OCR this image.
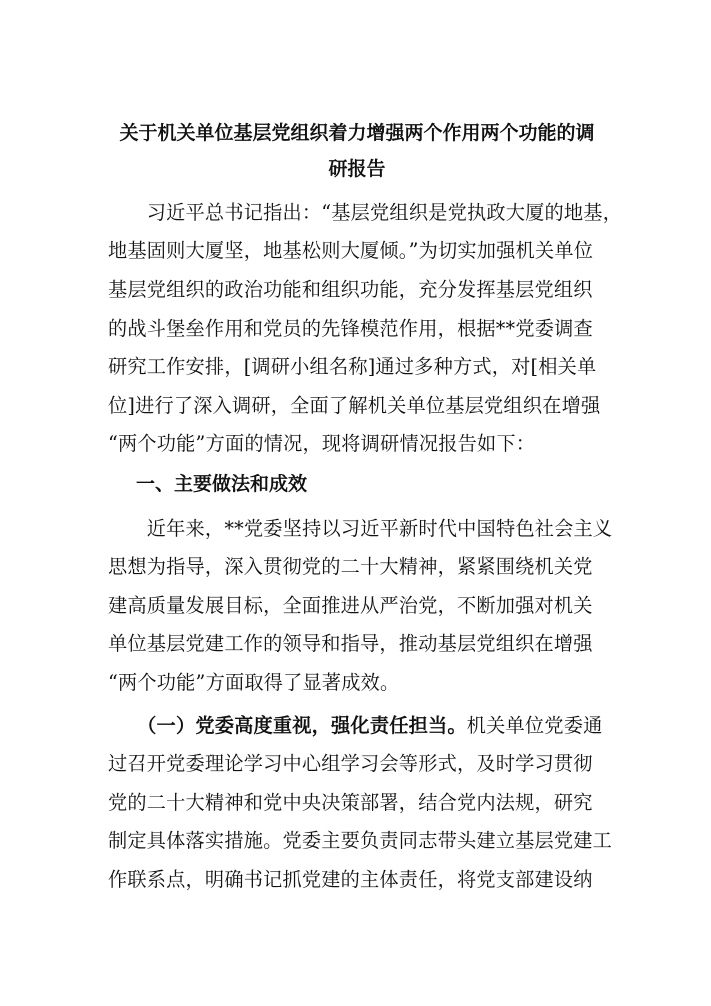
关于机关单位基层党组织着力增强两个作用两个功能的调
研报告
　　习近平总书记指出：“基层党组织是党执政大厦的地基，
地基固则大厦坚，地基松则大厦倾。”为切实加强机关单位
基层党组织的政治功能和组织功能，充分发挥基层党组织
的战斗堡垒作用和党员的先锋模范作用，根据**党委调查
研究工作安排，[调研小组名称]通过多种方式，对[相关单
位]进行了深入调研，全面了解机关单位基层党组织在增强
“两个功能”方面的情况，现将调研情况报告如下：
一、主要做法和成效
　　近年来，**党委坚持以习近平新时代中国特色社会主义
思想为指导，深入贯彻党的二十大精神，紧紧围绕机关党
建高质量发展目标，全面推进从严治党，不断加强对机关
单位基层党建工作的领导和指导，推动基层党组织在增强
“两个功能”方面取得了显著成效。
　　（一）党委高度重视，强化责任担当。机关单位党委通
过召开党委理论学习中心组学习会等形式，及时学习贯彻
党的二十大精神和党中央决策部署，结合党内法规，研究
制定具体落实措施。党委主要负责同志带头建立基层党建工
作联系点，明确书记抓党建的主体责任，将党支部建设纳
